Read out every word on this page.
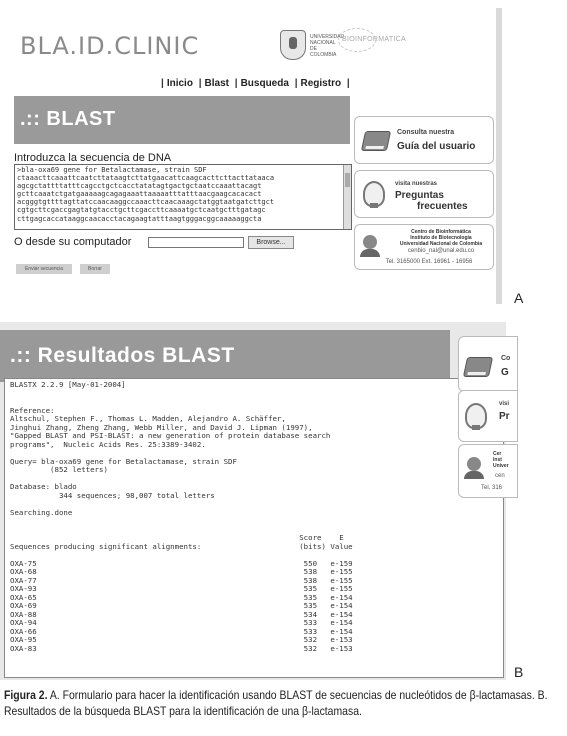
BLA.ID.CLINIC	UNIVERSIDAD NACIONAL DE COLOMBIA
BIOINFORMATICA
| Inicio | Blast | Busqueda | Registro |
.:: BLAST
Introduzca la secuencia de DNA
>bla-oxa69 gene for Betalactamase, strain SDF
ctaaacttcaaattcaatcttataagtcttatgaacattcaagcacttcttacttataaca
agcgctattttatttcagcctgctcacctatatagtgactgctaatccaaattacagt
gcttcaaatctgatgaaaaagcagagaaattaaaaatttatttaacgaagcacacact
acgggtgttttagttatccaacaaggccaaacttcaacaaagctatggtaatgatcttgct
cgtgcttcgaccgagtatgtacctgcttcgaccttcaaaatgctcaatgctttgatagc
cttgagcaccataaggcaacacctacagaagtatttaagtgggacggcaaaaaggcta
O desde su computador	Browse...
Enviar secuencia	Borrar
Consulta nuestra
Guía del usuario
visita nuestras
Preguntas
frecuentes
Centro de Bioinformática
Instituto de Biotecnología
Universidad Nacional de Colombia
cenbio_nal@unal.edu.co
Tel. 3165000 Ext. 16961 - 16956
A
.:: Resultados BLAST
BLASTX 2.2.9 [May-01-2004]

Reference:
Altschul, Stephen F., Thomas L. Madden, Alejandro A. Schäffer,
Jinghui Zhang, Zheng Zhang, Webb Miller, and David J. Lipman (1997),
"Gapped BLAST and PSI-BLAST: a new generation of protein database search
programs",  Nucleic Acids Res. 25:3389-3402.

Query= bla-oxa69 gene for Betalactamase, strain SDF
(852 letters)

Database: blado
344 sequences; 98,007 total letters

Searching.done

Score    E
Sequences producing significant alignments:                      (bits) Value

OXA-75                                                            550   e-159
OXA-68                                                            538   e-155
OXA-77                                                            538   e-155
OXA-93                                                            535   e-155
OXA-65                                                            535   e-154
OXA-69                                                            535   e-154
OXA-88                                                            534   e-154
OXA-94                                                            533   e-154
OXA-66                                                            533   e-154
OXA-95                                                            532   e-153
OXA-83                                                            532   e-153
Co
G
visi
Pr
Cer
Inst
Univer
cen
Tel. 316
B
Figura 2. A. Formulario para hacer la identificación usando BLAST de secuencias de nucleótidos de β-lactamasas. B. Resultados de la búsqueda BLAST para la identificación de una β-lactamasa.
